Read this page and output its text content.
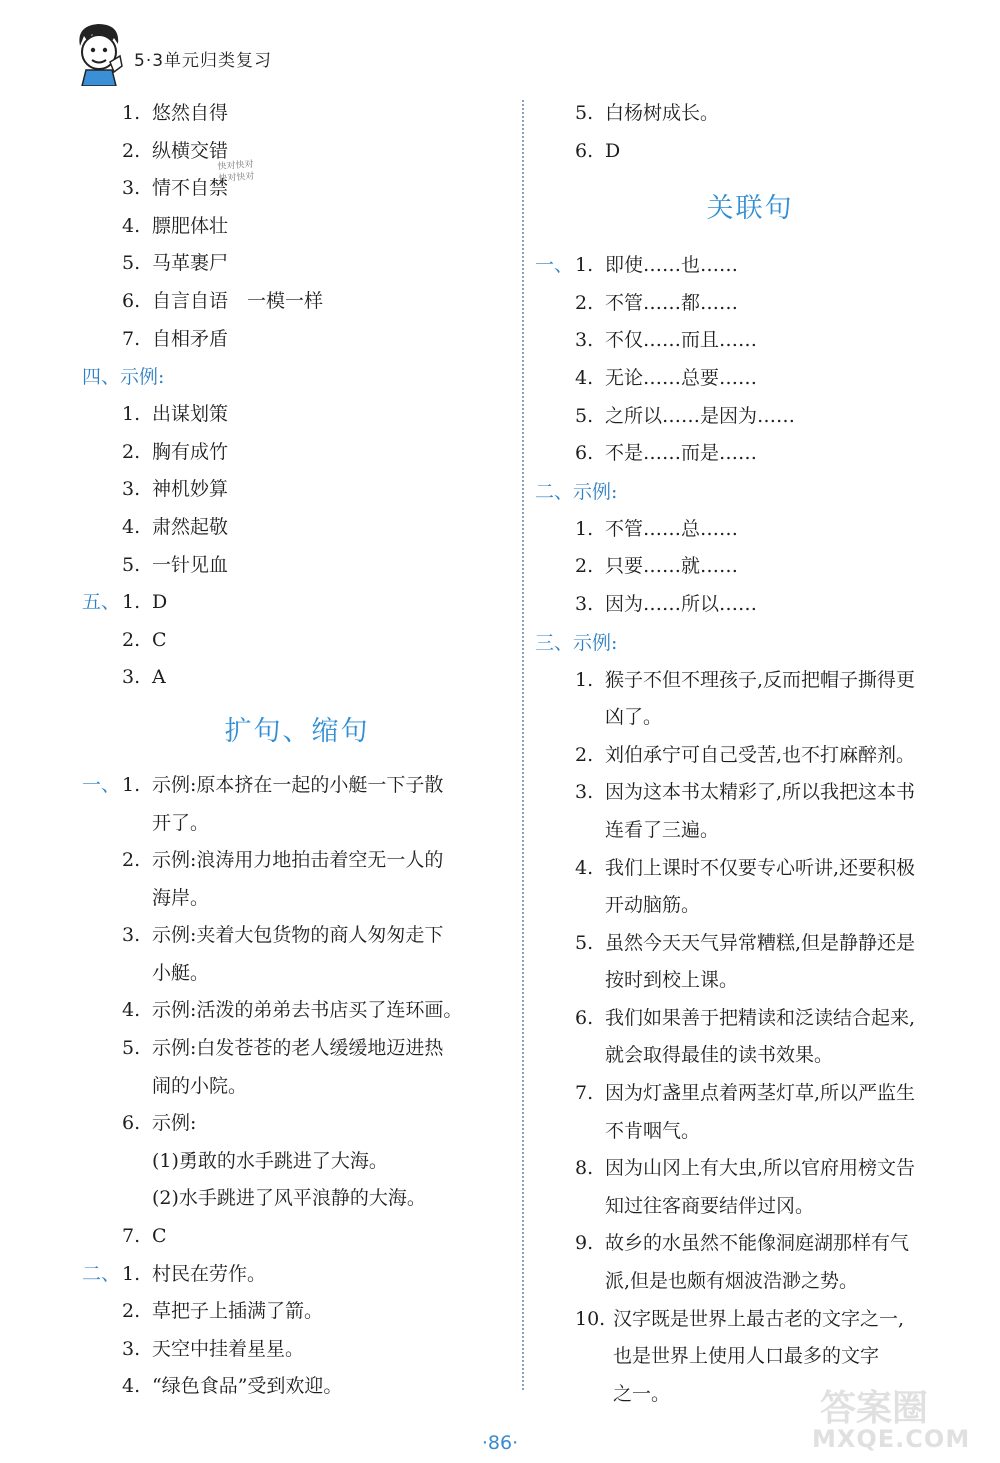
5·3单元归类复习
快对快对
快对快对
1. 悠然自得
2. 纵横交错
3. 情不自禁
4. 膘肥体壮
5. 马革裹尸
6. 自言自语　一模一样
7. 自相矛盾
四、示例:
1. 出谋划策
2. 胸有成竹
3. 神机妙算
4. 肃然起敬
5. 一针见血
五、 1. D
2. C
3. A
扩句、缩句
一、 1. 示例:原本挤在一起的小艇一下子散
开了。
2. 示例:浪涛用力地拍击着空无一人的
海岸。
3. 示例:夹着大包货物的商人匆匆走下
小艇。
4. 示例:活泼的弟弟去书店买了连环画。
5. 示例:白发苍苍的老人缓缓地迈进热
闹的小院。
6. 示例:
(1)勇敢的水手跳进了大海。
(2)水手跳进了风平浪静的大海。
7. C
二、 1. 村民在劳作。
2. 草把子上插满了箭。
3. 天空中挂着星星。
4. “绿色食品”受到欢迎。
5. 白杨树成长。
6. D
关联句
一、 1. 即使……也……
2. 不管……都……
3. 不仅……而且……
4. 无论……总要……
5. 之所以……是因为……
6. 不是……而是……
二、示例:
1. 不管……总……
2. 只要……就……
3. 因为……所以……
三、示例:
1. 猴子不但不理孩子,反而把帽子撕得更
凶了。
2. 刘伯承宁可自己受苦,也不打麻醉剂。
3. 因为这本书太精彩了,所以我把这本书
连看了三遍。
4. 我们上课时不仅要专心听讲,还要积极
开动脑筋。
5. 虽然今天天气异常糟糕,但是静静还是
按时到校上课。
6. 我们如果善于把精读和泛读结合起来,
就会取得最佳的读书效果。
7. 因为灯盏里点着两茎灯草,所以严监生
不肯咽气。
8. 因为山冈上有大虫,所以官府用榜文告
知过往客商要结伴过冈。
9. 故乡的水虽然不能像洞庭湖那样有气
派,但是也颇有烟波浩渺之势。
10. 汉字既是世界上最古老的文字之一,
也是世界上使用人口最多的文字
之一。
·86·
答案圈
MXQE.COM
